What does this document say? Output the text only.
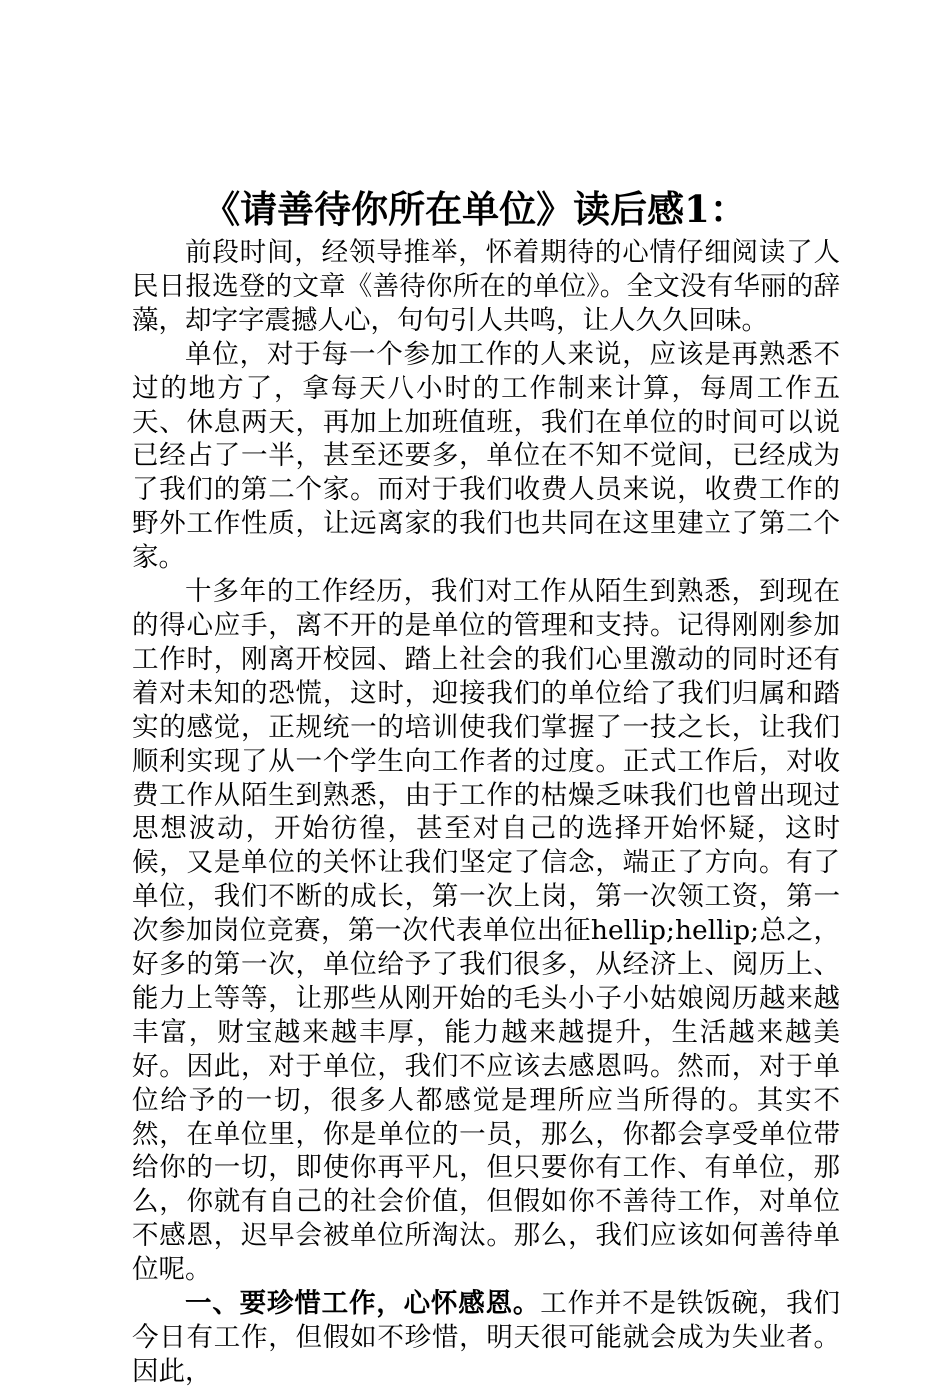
《请善待你所在单位》读后感1：

前段时间，经领导推举，怀着期待的心情仔细阅读了人民日报选登的文章《善待你所在的单位》。全文没有华丽的辞藻，却字字震撼人心，句句引人共鸣，让人久久回味。

单位，对于每一个参加工作的人来说，应该是再熟悉不过的地方了，拿每天八小时的工作制来计算，每周工作五天、休息两天，再加上加班值班，我们在单位的时间可以说已经占了一半，甚至还要多，单位在不知不觉间，已经成为了我们的第二个家。而对于我们收费人员来说，收费工作的野外工作性质，让远离家的我们也共同在这里建立了第二个家。

十多年的工作经历，我们对工作从陌生到熟悉，到现在的得心应手，离不开的是单位的管理和支持。记得刚刚参加工作时，刚离开校园、踏上社会的我们心里激动的同时还有着对未知的恐慌，这时，迎接我们的单位给了我们归属和踏实的感觉，正规统一的培训使我们掌握了一技之长，让我们顺利实现了从一个学生向工作者的过度。正式工作后，对收费工作从陌生到熟悉，由于工作的枯燥乏味我们也曾出现过思想波动，开始彷徨，甚至对自己的选择开始怀疑，这时候，又是单位的关怀让我们坚定了信念，端正了方向。有了单位，我们不断的成长，第一次上岗，第一次领工资，第一次参加岗位竞赛，第一次代表单位出征hellip;hellip;总之，好多的第一次，单位给予了我们很多，从经济上、阅历上、能力上等等，让那些从刚开始的毛头小子小姑娘阅历越来越丰富，财宝越来越丰厚，能力越来越提升，生活越来越美好。因此，对于单位，我们不应该去感恩吗。然而，对于单位给予的一切，很多人都感觉是理所应当所得的。其实不然，在单位里，你是单位的一员，那么，你都会享受单位带给你的一切，即使你再平凡，但只要你有工作、有单位，那么，你就有自己的社会价值，但假如你不善待工作，对单位不感恩，迟早会被单位所淘汰。那么，我们应该如何善待单位呢。

一、要珍惜工作，心怀感恩。工作并不是铁饭碗，我们今日有工作，但假如不珍惜，明天很可能就会成为失业者。因此，
